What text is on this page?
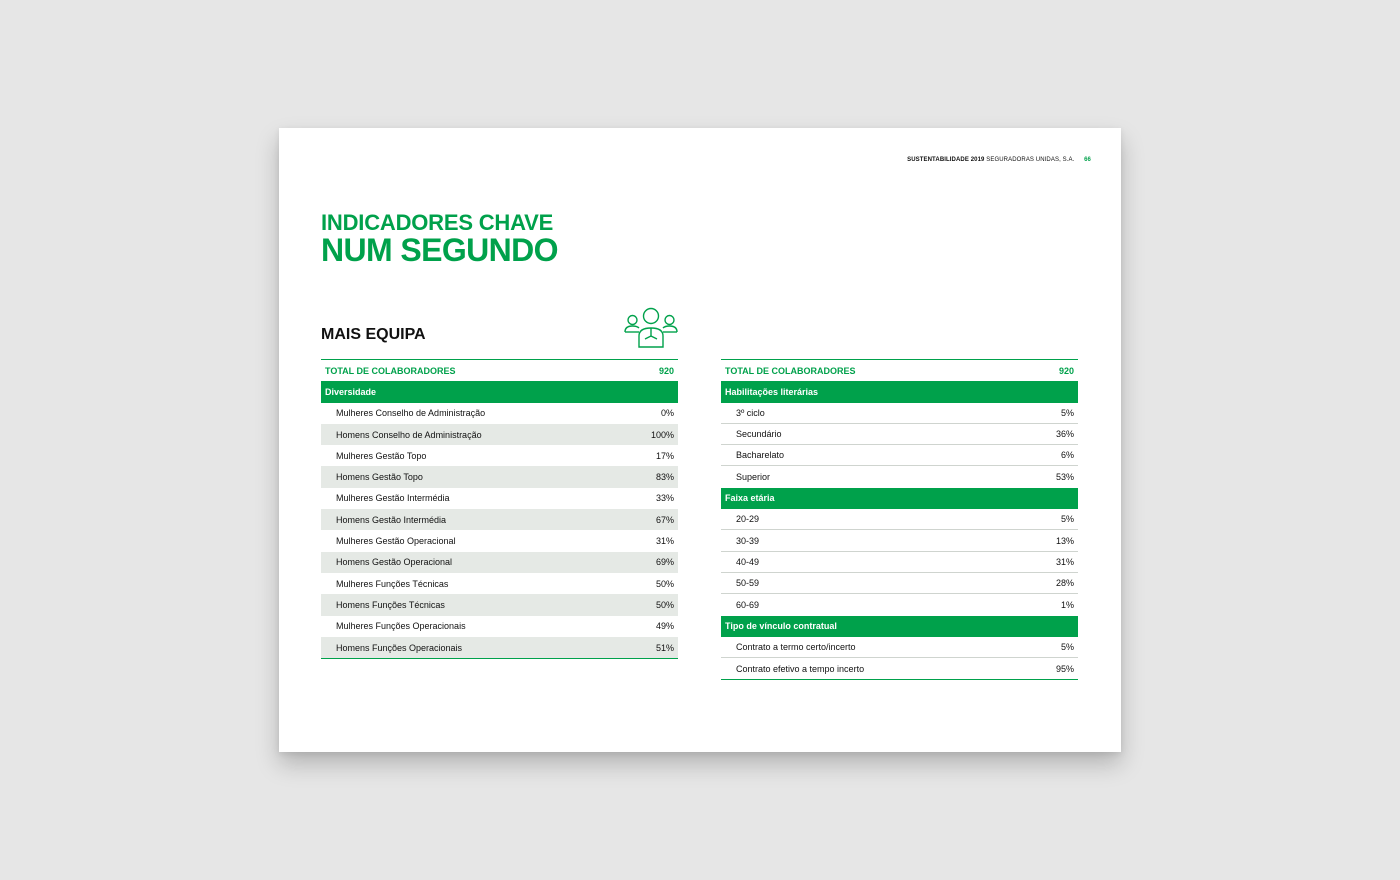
SUSTENTABILIDADE 2019 SEGURADORAS UNIDAS, S.A. 66
INDICADORES CHAVE
NUM SEGUNDO
MAIS EQUIPA
TOTAL DE COLABORADORES	920
Diversidade
Mulheres Conselho de Administração	0%
Homens Conselho de Administração	100%
Mulheres Gestão Topo	17%
Homens Gestão Topo	83%
Mulheres Gestão Intermédia	33%
Homens Gestão Intermédia	67%
Mulheres Gestão Operacional	31%
Homens Gestão Operacional	69%
Mulheres Funções Técnicas	50%
Homens Funções Técnicas	50%
Mulheres Funções Operacionais	49%
Homens Funções Operacionais	51%
TOTAL DE COLABORADORES	920
Habilitações literárias
3º ciclo	5%
Secundário	36%
Bacharelato	6%
Superior	53%
Faixa etária
20-29	5%
30-39	13%
40-49	31%
50-59	28%
60-69	1%
Tipo de vínculo contratual
Contrato a termo certo/incerto	5%
Contrato efetivo a tempo incerto	95%
